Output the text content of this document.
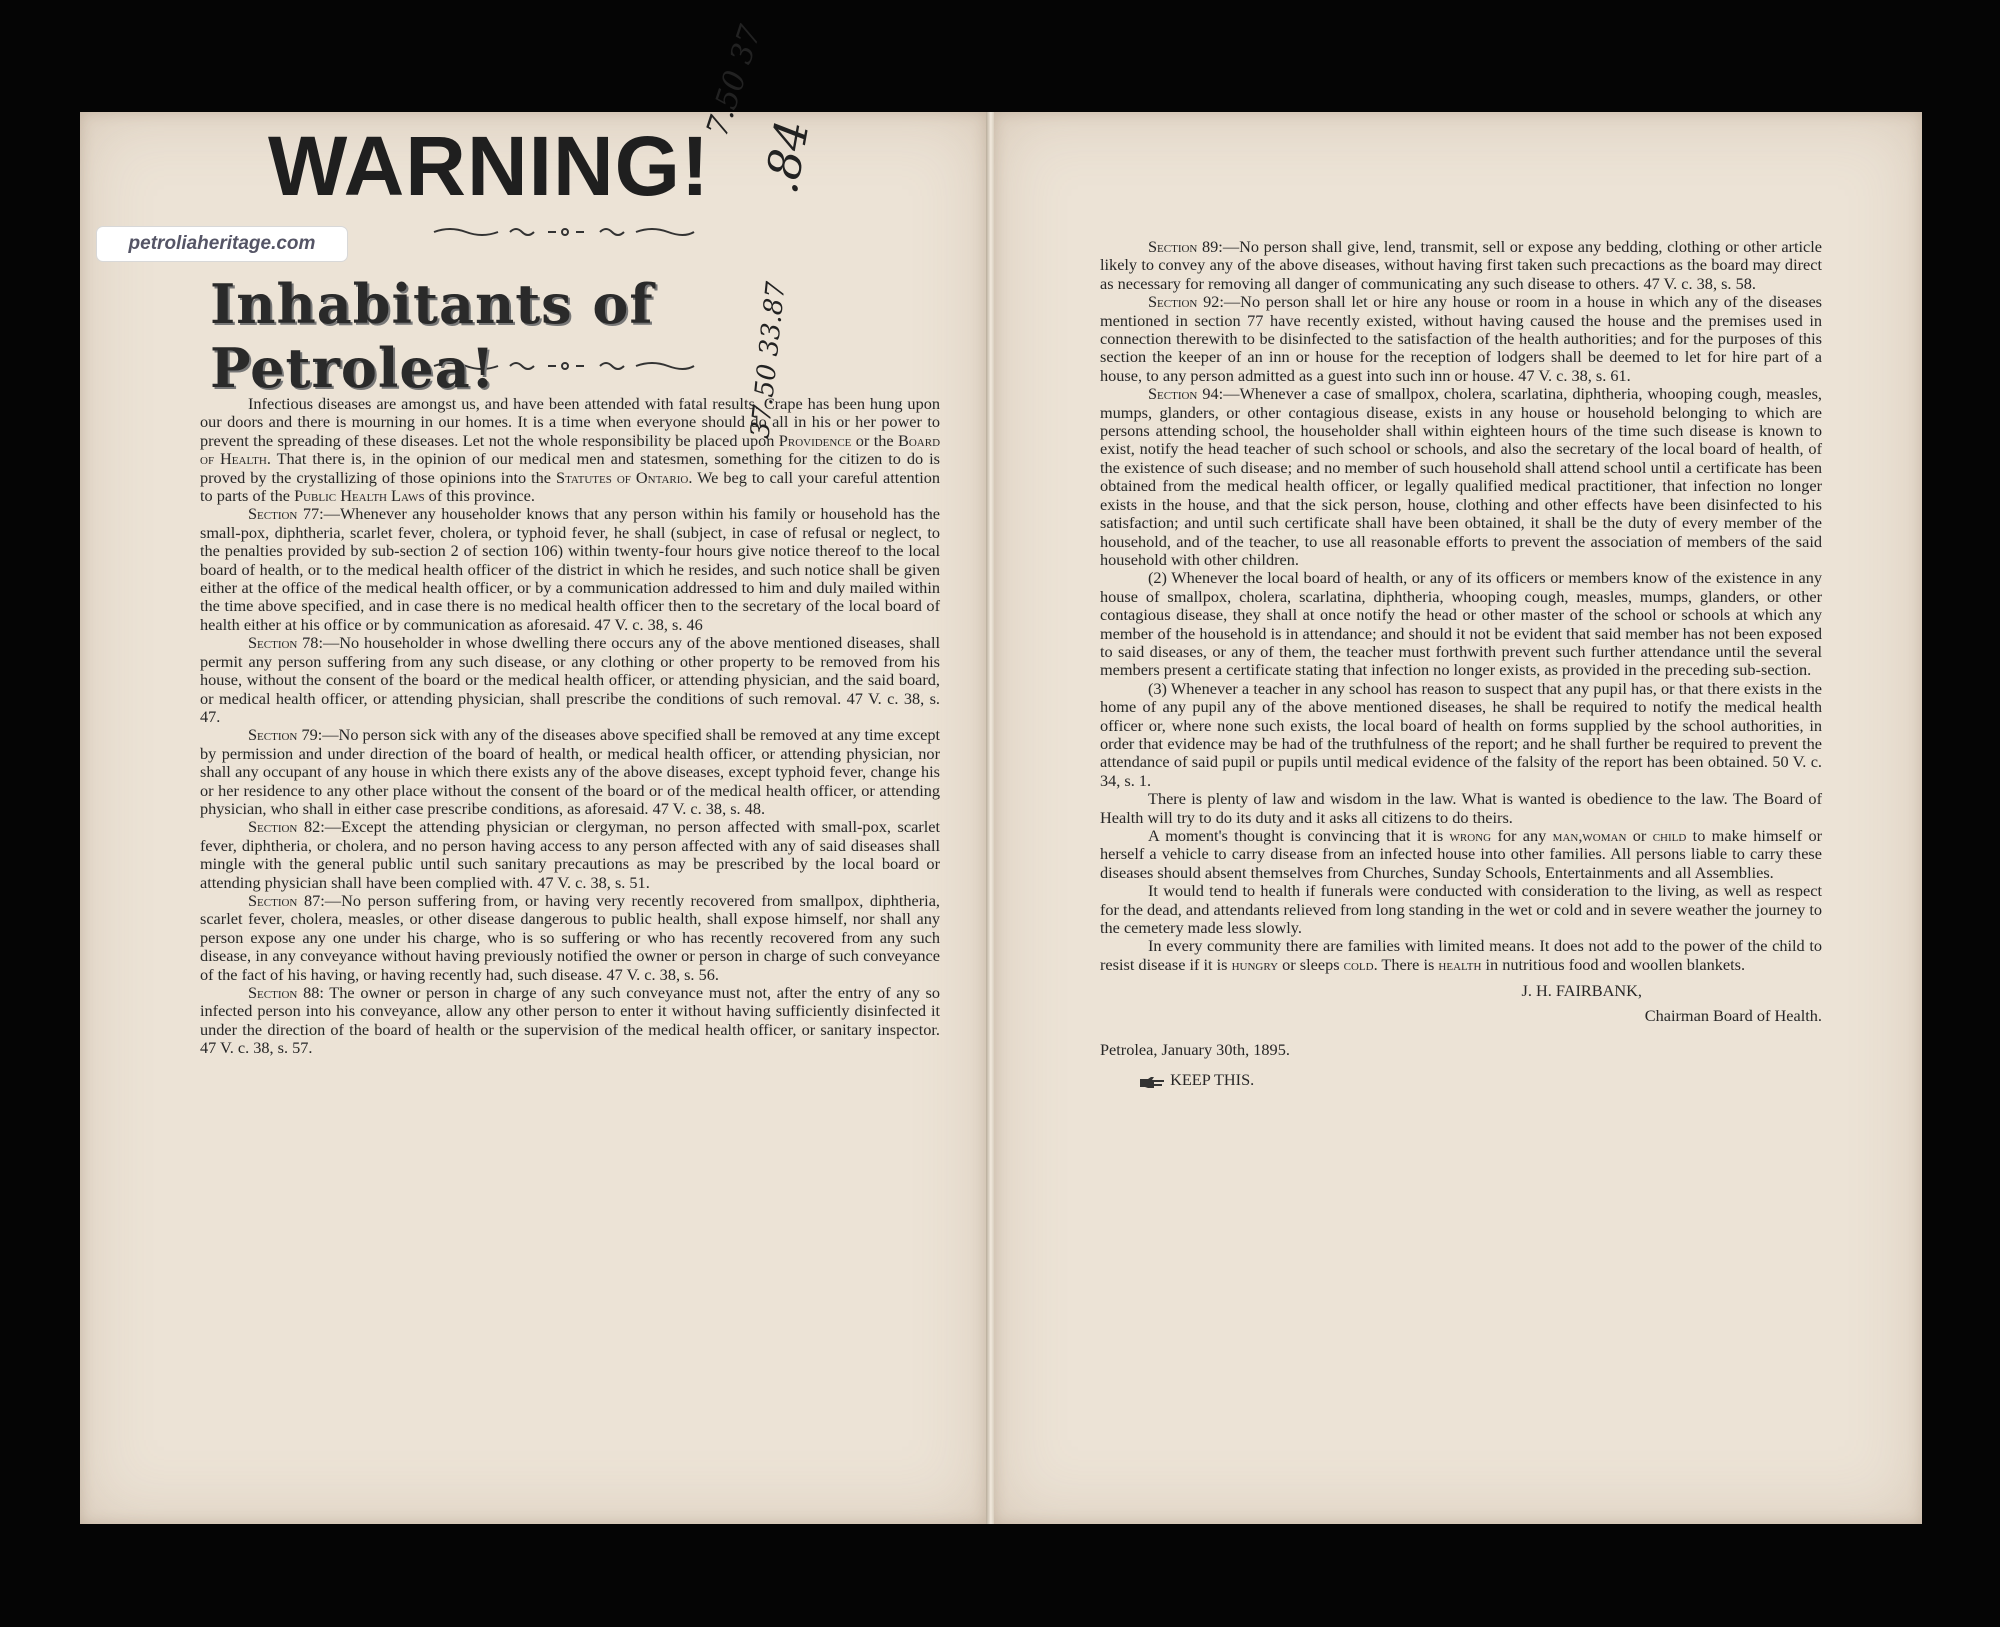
WARNING!
7.50 37
.84
37.50 33.87
petroliaheritage.com
Inhabitants of Petrolea!

Infectious diseases are amongst us, and have been attended with fatal results. Crape has been hung upon our doors and there is mourning in our homes. It is a time when everyone should do all in his or her power to prevent the spreading of these diseases. Let not the whole responsibility be placed upon Providence or the Board of Health. That there is, in the opinion of our medical men and statesmen, something for the citizen to do is proved by the crystallizing of those opinions into the Statutes of Ontario. We beg to call your careful attention to parts of the Public Health Laws of this province.

Section 77:—Whenever any householder knows that any person within his family or household has the small-pox, diphtheria, scarlet fever, cholera, or typhoid fever, he shall (subject, in case of refusal or neglect, to the penalties provided by sub-section 2 of section 106) within twenty-four hours give notice thereof to the local board of health, or to the medical health officer of the district in which he resides, and such notice shall be given either at the office of the medical health officer, or by a communication addressed to him and duly mailed within the time above specified, and in case there is no medical health officer then to the secretary of the local board of health either at his office or by communication as aforesaid. 47 V. c. 38, s. 46

Section 78:—No householder in whose dwelling there occurs any of the above mentioned diseases, shall permit any person suffering from any such disease, or any clothing or other property to be removed from his house, without the consent of the board or the medical health officer, or attending physician, and the said board, or medical health officer, or attending physician, shall prescribe the conditions of such removal. 47 V. c. 38, s. 47.

Section 79:—No person sick with any of the diseases above specified shall be removed at any time except by permission and under direction of the board of health, or medical health officer, or attending physician, nor shall any occupant of any house in which there exists any of the above diseases, except typhoid fever, change his or her residence to any other place without the consent of the board or of the medical health officer, or attending physician, who shall in either case prescribe conditions, as aforesaid. 47 V. c. 38, s. 48.

Section 82:—Except the attending physician or clergyman, no person affected with small-pox, scarlet fever, diphtheria, or cholera, and no person having access to any person affected with any of said diseases shall mingle with the general public until such sanitary precautions as may be prescribed by the local board or attending physician shall have been complied with. 47 V. c. 38, s. 51.

Section 87:—No person suffering from, or having very recently recovered from smallpox, diphtheria, scarlet fever, cholera, measles, or other disease dangerous to public health, shall expose himself, nor shall any person expose any one under his charge, who is so suffering or who has recently recovered from any such disease, in any conveyance without having previously notified the owner or person in charge of such conveyance of the fact of his having, or having recently had, such disease. 47 V. c. 38, s. 56.

Section 88: The owner or person in charge of any such conveyance must not, after the entry of any so infected person into his conveyance, allow any other person to enter it without having sufficiently disinfected it under the direction of the board of health or the supervision of the medical health officer, or sanitary inspector. 47 V. c. 38, s. 57.

Section 89:—No person shall give, lend, transmit, sell or expose any bedding, clothing or other article likely to convey any of the above diseases, without having first taken such precactions as the board may direct as necessary for removing all danger of communicating any such disease to others. 47 V. c. 38, s. 58.

Section 92:—No person shall let or hire any house or room in a house in which any of the diseases mentioned in section 77 have recently existed, without having caused the house and the premises used in connection therewith to be disinfected to the satisfaction of the health authorities; and for the purposes of this section the keeper of an inn or house for the reception of lodgers shall be deemed to let for hire part of a house, to any person admitted as a guest into such inn or house. 47 V. c. 38, s. 61.

Section 94:—Whenever a case of smallpox, cholera, scarlatina, diphtheria, whooping cough, measles, mumps, glanders, or other contagious disease, exists in any house or household belonging to which are persons attending school, the householder shall within eighteen hours of the time such disease is known to exist, notify the head teacher of such school or schools, and also the secretary of the local board of health, of the existence of such disease; and no member of such household shall attend school until a certificate has been obtained from the medical health officer, or legally qualified medical practitioner, that infection no longer exists in the house, and that the sick person, house, clothing and other effects have been disinfected to his satisfaction; and until such certificate shall have been obtained, it shall be the duty of every member of the household, and of the teacher, to use all reasonable efforts to prevent the association of members of the said household with other children.

(2) Whenever the local board of health, or any of its officers or members know of the existence in any house of smallpox, cholera, scarlatina, diphtheria, whooping cough, measles, mumps, glanders, or other contagious disease, they shall at once notify the head or other master of the school or schools at which any member of the household is in attendance; and should it not be evident that said member has not been exposed to said diseases, or any of them, the teacher must forthwith prevent such further attendance until the several members present a certificate stating that infection no longer exists, as provided in the preceding sub-section.

(3) Whenever a teacher in any school has reason to suspect that any pupil has, or that there exists in the home of any pupil any of the above mentioned diseases, he shall be required to notify the medical health officer or, where none such exists, the local board of health on forms supplied by the school authorities, in order that evidence may be had of the truthfulness of the report; and he shall further be required to prevent the attendance of said pupil or pupils until medical evidence of the falsity of the report has been obtained. 50 V. c. 34, s. 1.

There is plenty of law and wisdom in the law. What is wanted is obedience to the law. The Board of Health will try to do its duty and it asks all citizens to do theirs.

A moment's thought is convincing that it is wrong for any man,woman or child to make himself or herself a vehicle to carry disease from an infected house into other families. All persons liable to carry these diseases should absent themselves from Churches, Sunday Schools, Entertainments and all Assemblies.

It would tend to health if funerals were conducted with consideration to the living, as well as respect for the dead, and attendants relieved from long standing in the wet or cold and in severe weather the journey to the cemetery made less slowly.

In every community there are families with limited means. It does not add to the power of the child to resist disease if it is hungry or sleeps cold. There is health in nutritious food and woollen blankets.

J. H. FAIRBANK,

Chairman Board of Health.

Petrolea, January 30th, 1895.

KEEP THIS.
